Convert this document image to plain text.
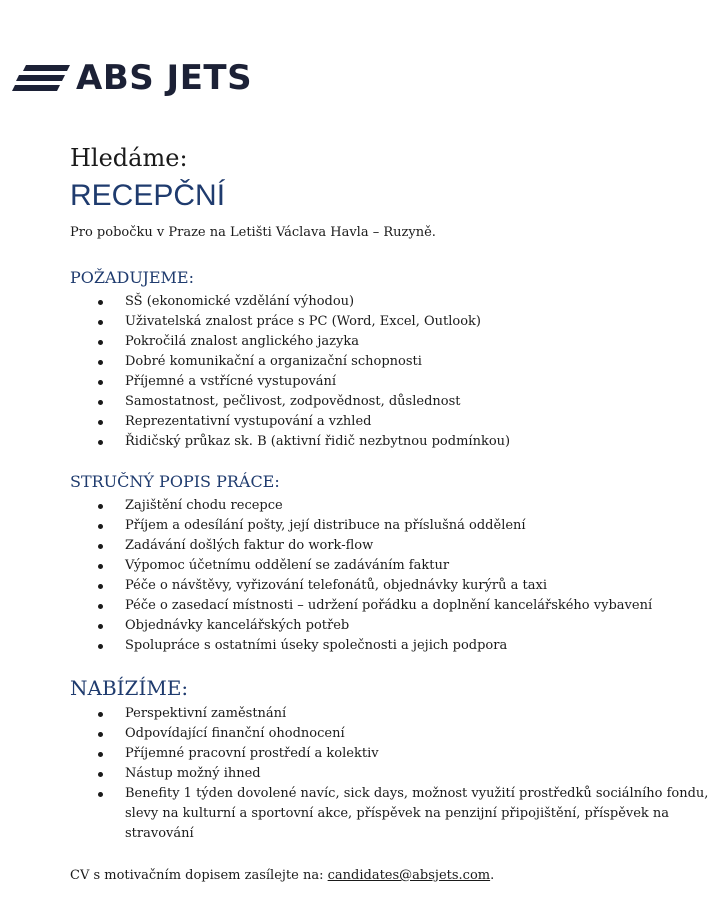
ABS JETS

Hledáme:

RECEPČNÍ

Pro pobočku v Praze na Letišti Václava Havla – Ruzyně.

POŽADUJEME:

SŠ (ekonomické vzdělání výhodou)
Uživatelská znalost práce s PC (Word, Excel, Outlook)
Pokročilá znalost anglického jazyka
Dobré komunikační a organizační schopnosti
Příjemné a vstřícné vystupování
Samostatnost, pečlivost, zodpovědnost, důslednost
Reprezentativní vystupování a vzhled
Řidičský průkaz sk. B (aktivní řidič nezbytnou podmínkou)

STRUČNÝ POPIS PRÁCE:

Zajištění chodu recepce
Příjem a odesílání pošty, její distribuce na příslušná oddělení
Zadávání došlých faktur do work-flow
Výpomoc účetnímu oddělení se zadáváním faktur
Péče o návštěvy, vyřizování telefonátů, objednávky kurýrů a taxi
Péče o zasedací místnosti – udržení pořádku a doplnění kancelářského vybavení
Objednávky kancelářských potřeb
Spolupráce s ostatními úseky společnosti a jejich podpora

NABÍZÍME:

Perspektivní zaměstnání
Odpovídající finanční ohodnocení
Příjemné pracovní prostředí a kolektiv
Nástup možný ihned
Benefity 1 týden dovolené navíc, sick days, možnost využití prostředků sociálního fondu, slevy na kulturní a sportovní akce, příspěvek na penzijní připojištění, příspěvek na stravování
CV s motivačním dopisem zasílejte na: candidates@absjets.com.
